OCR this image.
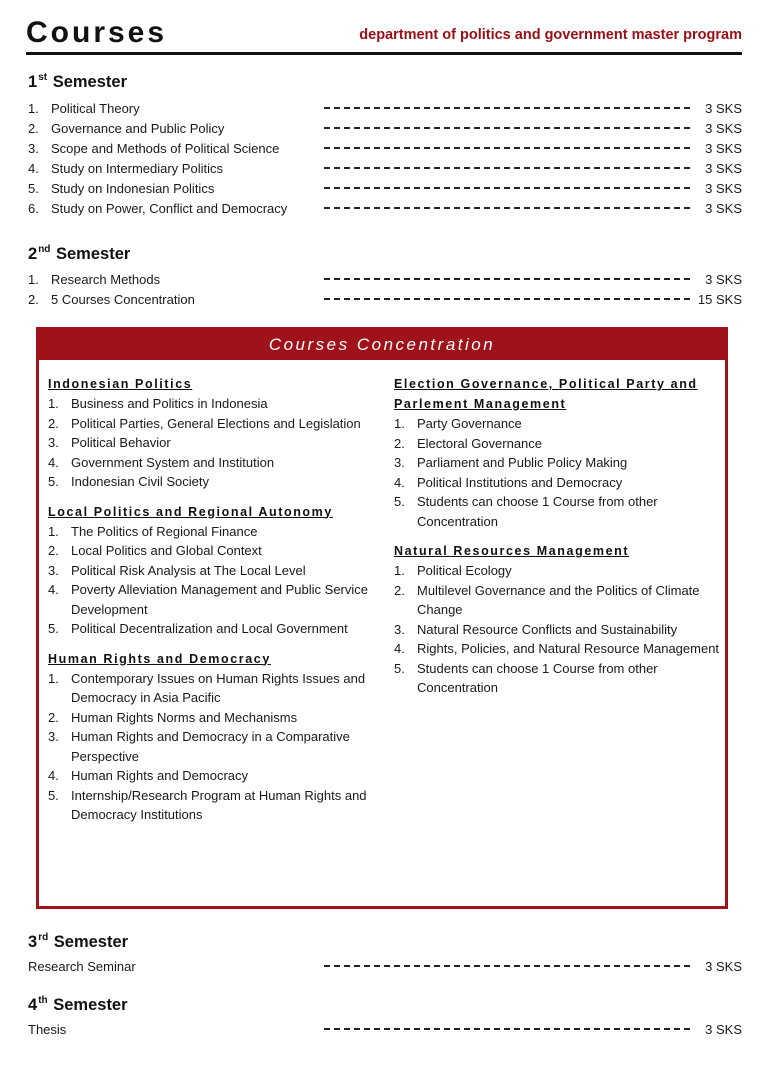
Courses	department of politics and government master program
1st Semester
1. Political Theory	3 SKS
2. Governance and Public Policy	3 SKS
3. Scope and Methods of Political Science	3 SKS
4. Study on Intermediary Politics	3 SKS
5. Study on Indonesian Politics	3 SKS
6. Study on Power, Conflict and Democracy	3 SKS
2nd Semester
1. Research Methods	3 SKS
2. 5 Courses Concentration	15 SKS
Courses Concentration
Indonesian Politics
1. Business and Politics in Indonesia
2. Political Parties, General Elections and Legislation
3. Political Behavior
4. Government System and Institution
5. Indonesian Civil Society
Local Politics and Regional Autonomy
1. The Politics of Regional Finance
2. Local Politics and Global Context
3. Political Risk Analysis at The Local Level
4. Poverty Alleviation Management and Public Service Development
5. Political Decentralization and Local Government
Human Rights and Democracy
1. Contemporary Issues on Human Rights Issues and Democracy in Asia Pacific
2. Human Rights Norms and Mechanisms
3. Human Rights and Democracy in a Comparative Perspective
4. Human Rights and Democracy
5. Internship/Research Program at Human Rights and Democracy Institutions
Election Governance, Political Party and Parlement Management
1. Party Governance
2. Electoral Governance
3. Parliament and Public Policy Making
4. Political Institutions and Democracy
5. Students can choose 1 Course from other Concentration
Natural Resources Management
1. Political Ecology
2. Multilevel Governance and the Politics of Climate Change
3. Natural Resource Conflicts and Sustainability
4. Rights, Policies, and Natural Resource Management
5. Students can choose 1 Course from other Concentration
3rd Semester
Research Seminar	3 SKS
4th Semester
Thesis	3 SKS
